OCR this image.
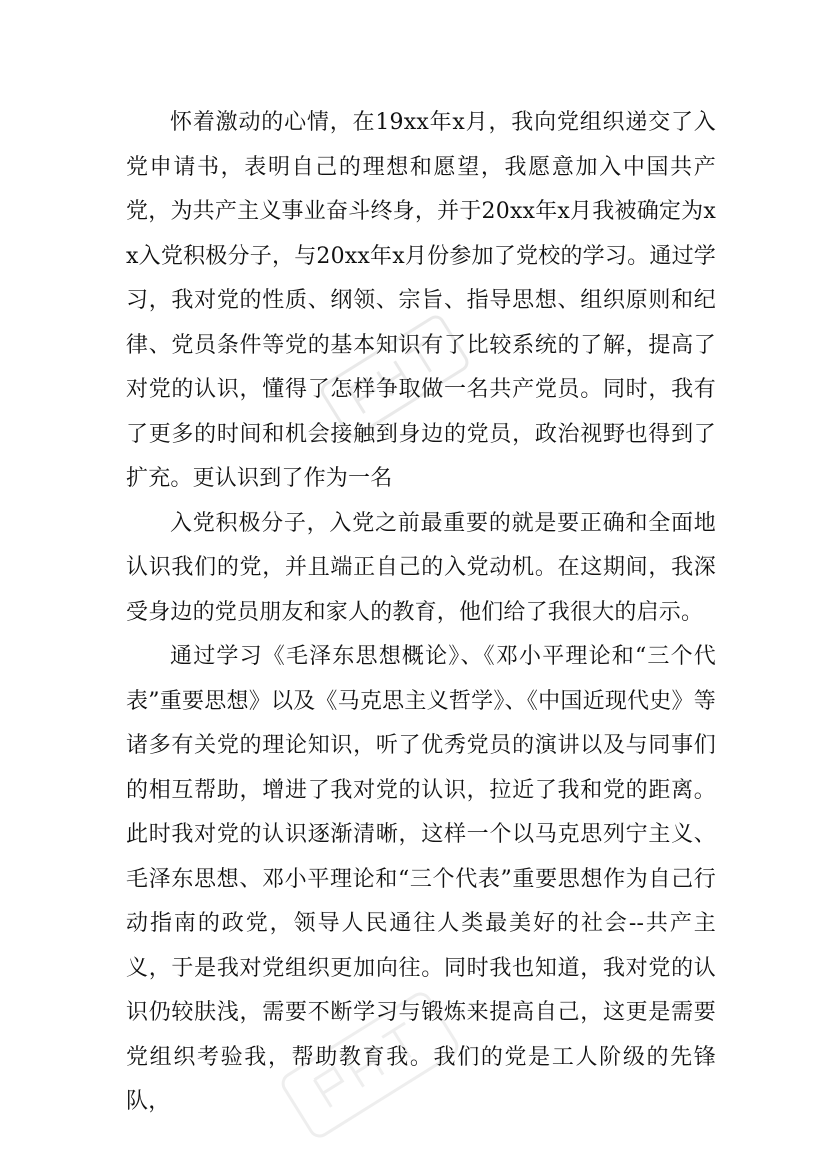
怀着激动的心情，在19xx年x月，我向党组织递交了入党申请书，表明自己的理想和愿望，我愿意加入中国共产党，为共产主义事业奋斗终身，并于20xx年x月我被确定为xx入党积极分子，与20xx年x月份参加了党校的学习。通过学习，我对党的性质、纲领、宗旨、指导思想、组织原则和纪律、党员条件等党的基本知识有了比较系统的了解，提高了对党的认识，懂得了怎样争取做一名共产党员。同时，我有了更多的时间和机会接触到身边的党员，政治视野也得到了扩充。更认识到了作为一名

入党积极分子，入党之前最重要的就是要正确和全面地认识我们的党，并且端正自己的入党动机。在这期间，我深受身边的党员朋友和家人的教育，他们给了我很大的启示。

通过学习《毛泽东思想概论》、《邓小平理论和“三个代表”重要思想》以及《马克思主义哲学》、《中国近现代史》等诸多有关党的理论知识，听了优秀党员的演讲以及与同事们的相互帮助，增进了我对党的认识，拉近了我和党的距离。此时我对党的认识逐渐清晰，这样一个以马克思列宁主义、毛泽东思想、邓小平理论和“三个代表”重要思想作为自己行动指南的政党，领导人民通往人类最美好的社会--共产主义，于是我对党组织更加向往。同时我也知道，我对党的认识仍较肤浅，需要不断学习与锻炼来提高自己，这更是需要党组织考验我，帮助教育我。我们的党是工人阶级的先锋队，
